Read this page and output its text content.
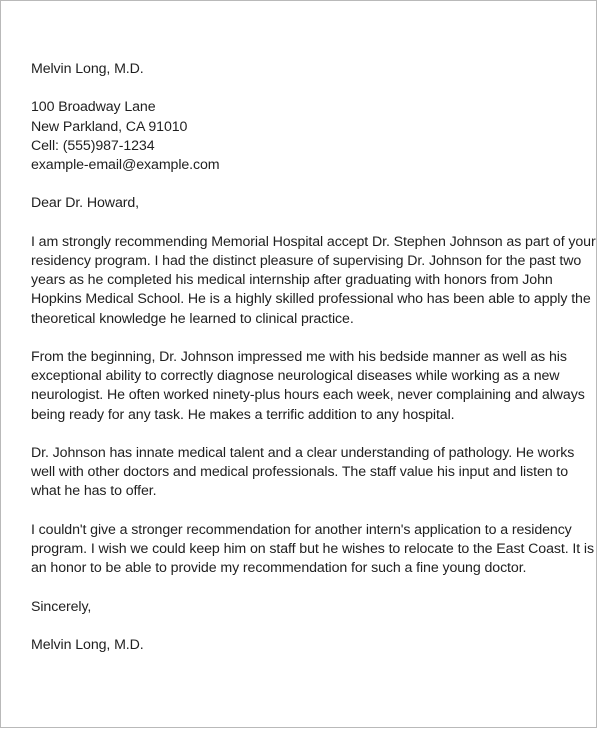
Melvin Long, M.D.
100 Broadway Lane
New Parkland, CA 91010
Cell: (555)987-1234
example-email@example.com
Dear Dr. Howard,
I am strongly recommending Memorial Hospital accept Dr. Stephen Johnson as part of your
residency program. I had the distinct pleasure of supervising Dr. Johnson for the past two
years as he completed his medical internship after graduating with honors from John
Hopkins Medical School. He is a highly skilled professional who has been able to apply the
theoretical knowledge he learned to clinical practice.
From the beginning, Dr. Johnson impressed me with his bedside manner as well as his
exceptional ability to correctly diagnose neurological diseases while working as a new
neurologist. He often worked ninety-plus hours each week, never complaining and always
being ready for any task. He makes a terrific addition to any hospital.
Dr. Johnson has innate medical talent and a clear understanding of pathology. He works
well with other doctors and medical professionals. The staff value his input and listen to
what he has to offer.
I couldn't give a stronger recommendation for another intern's application to a residency
program. I wish we could keep him on staff but he wishes to relocate to the East Coast. It is
an honor to be able to provide my recommendation for such a fine young doctor.
Sincerely,
Melvin Long, M.D.
